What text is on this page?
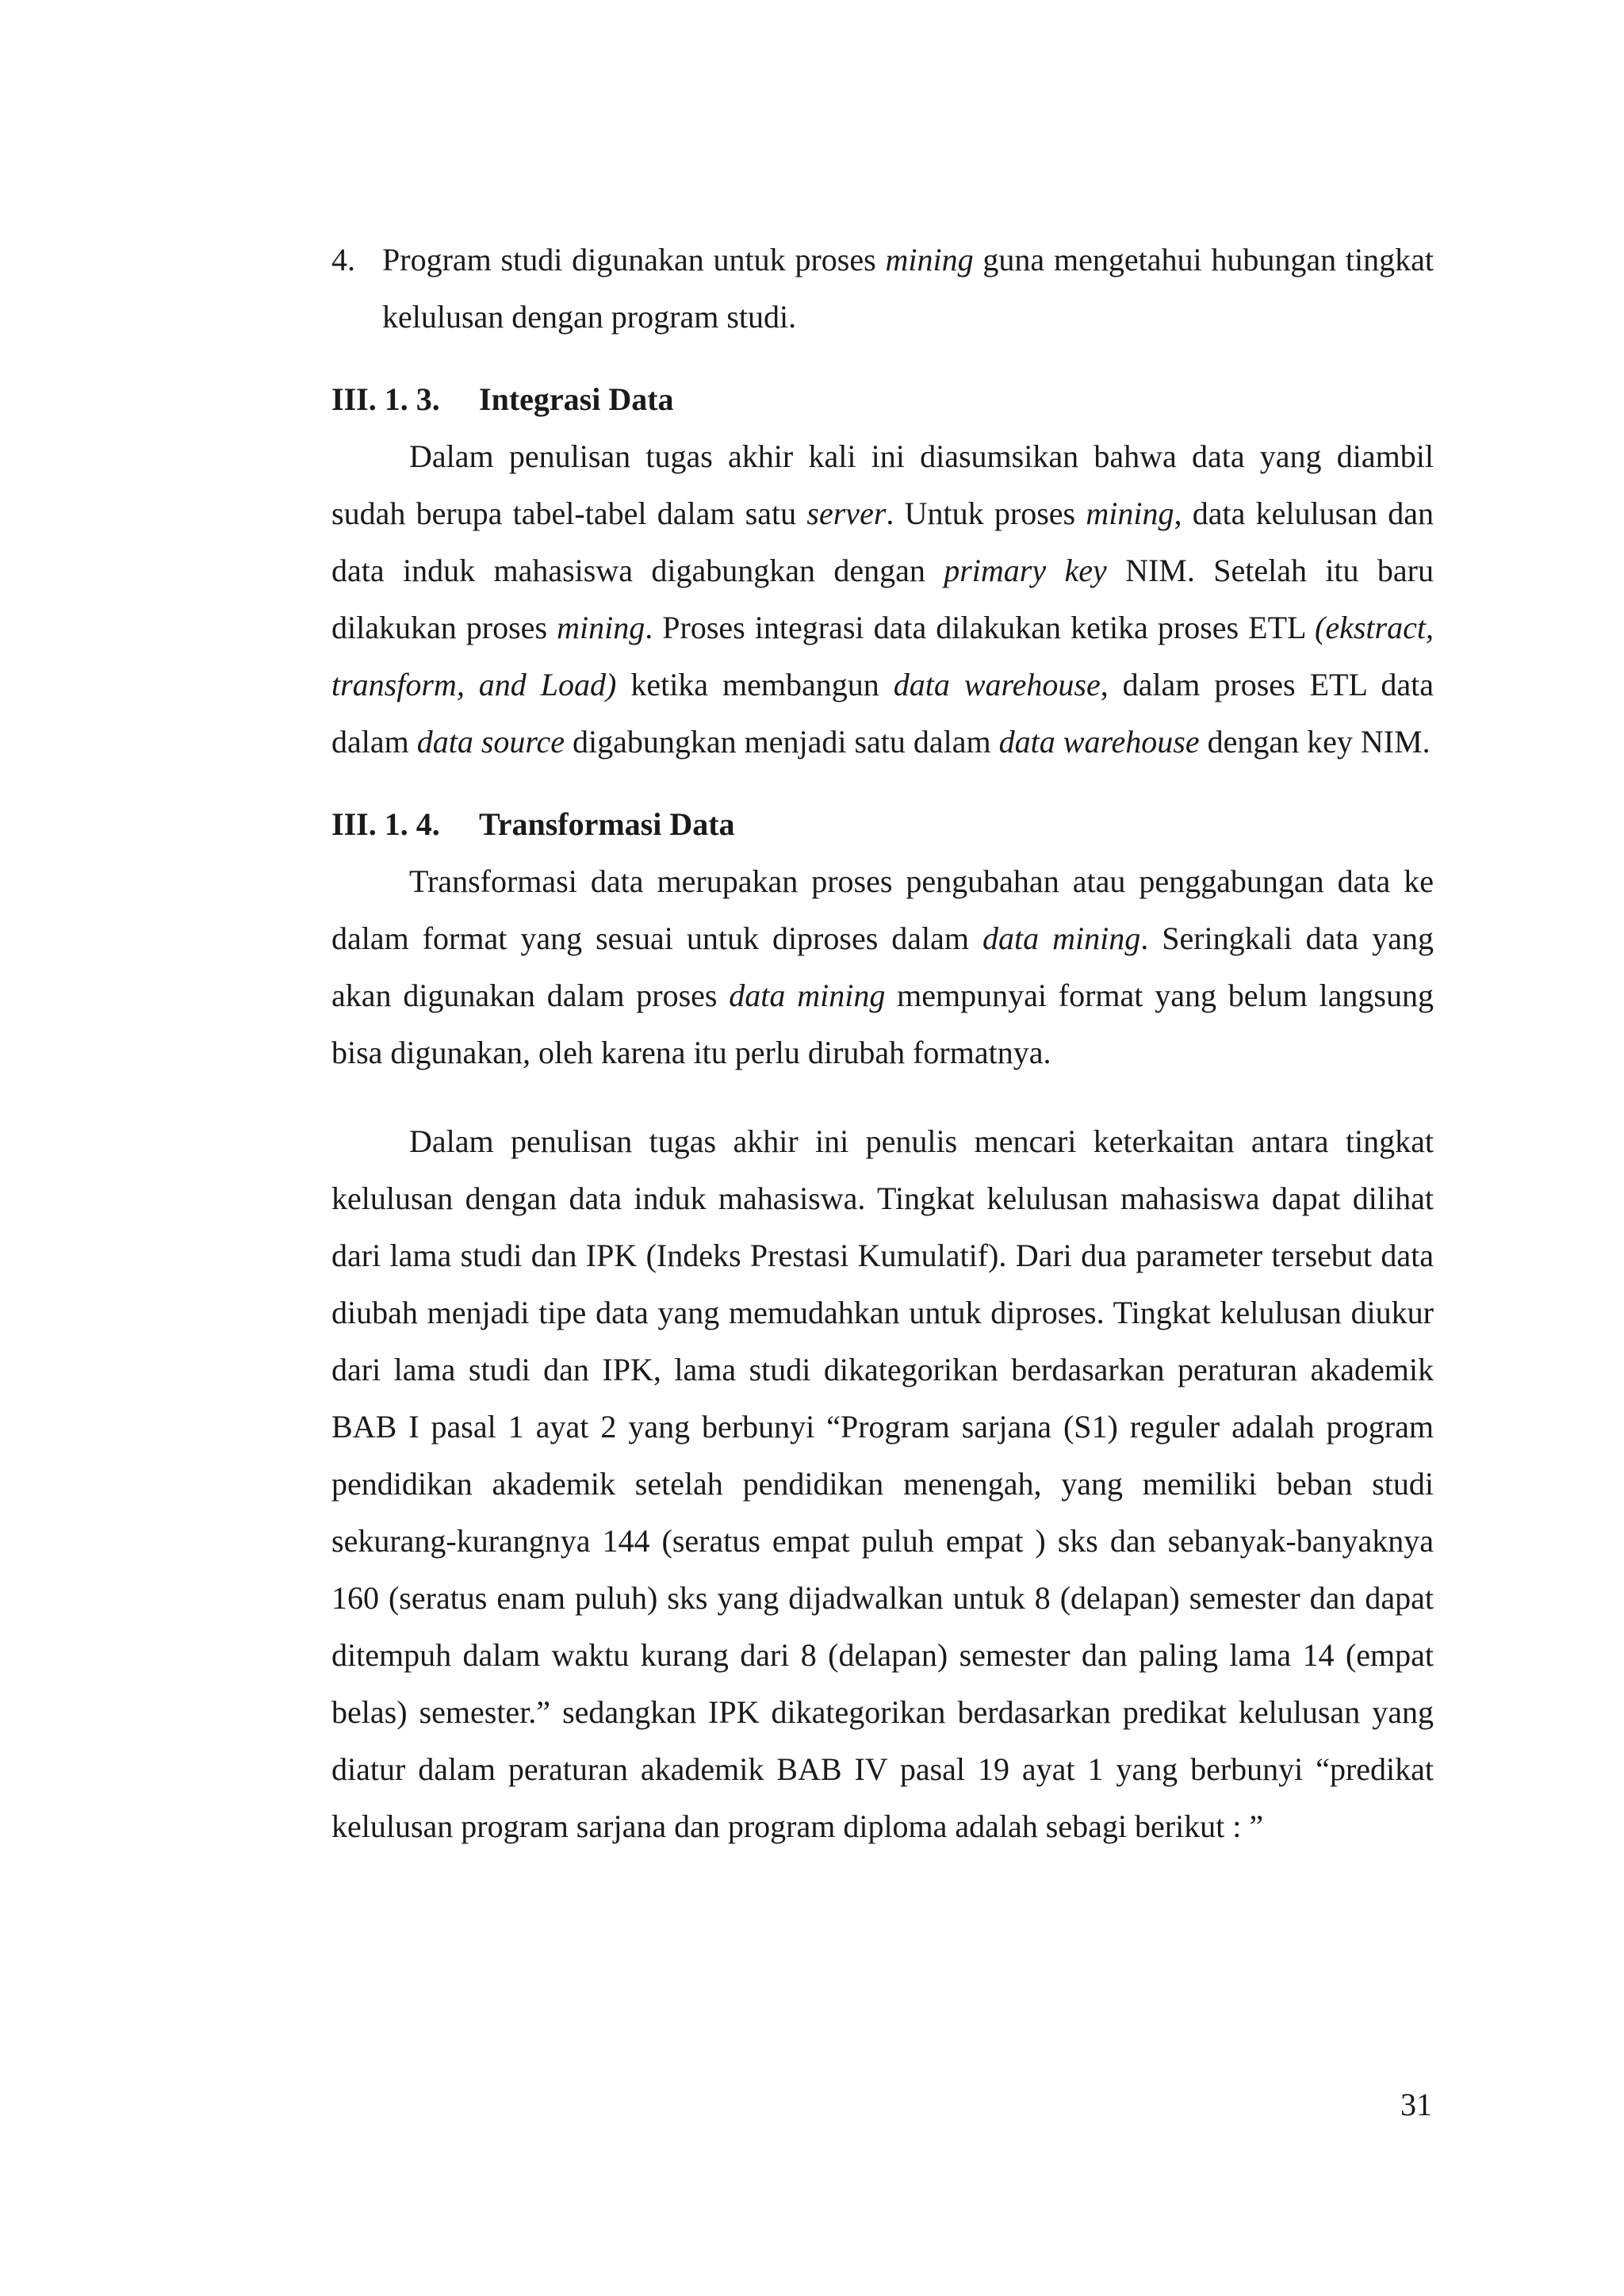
4. Program studi digunakan untuk proses mining guna mengetahui hubungan tingkat kelulusan dengan program studi.
III. 1. 3. Integrasi Data

Dalam penulisan tugas akhir kali ini diasumsikan bahwa data yang diambil sudah berupa tabel-tabel dalam satu server. Untuk proses mining, data kelulusan dan data induk mahasiswa digabungkan dengan primary key NIM. Setelah itu baru dilakukan proses mining. Proses integrasi data dilakukan ketika proses ETL (ekstract, transform, and Load) ketika membangun data warehouse, dalam proses ETL data dalam data source digabungkan menjadi satu dalam data warehouse dengan key NIM.

III. 1. 4. Transformasi Data

Transformasi data merupakan proses pengubahan atau penggabungan data ke dalam format yang sesuai untuk diproses dalam data mining. Seringkali data yang akan digunakan dalam proses data mining mempunyai format yang belum langsung bisa digunakan, oleh karena itu perlu dirubah formatnya.

Dalam penulisan tugas akhir ini penulis mencari keterkaitan antara tingkat kelulusan dengan data induk mahasiswa. Tingkat kelulusan mahasiswa dapat dilihat dari lama studi dan IPK (Indeks Prestasi Kumulatif). Dari dua parameter tersebut data diubah menjadi tipe data yang memudahkan untuk diproses. Tingkat kelulusan diukur dari lama studi dan IPK, lama studi dikategorikan berdasarkan peraturan akademik BAB I pasal 1 ayat 2 yang berbunyi “Program sarjana (S1) reguler adalah program pendidikan akademik setelah pendidikan menengah, yang memiliki beban studi sekurang-kurangnya 144 (seratus empat puluh empat ) sks dan sebanyak-banyaknya 160 (seratus enam puluh) sks yang dijadwalkan untuk 8 (delapan) semester dan dapat ditempuh dalam waktu kurang dari 8 (delapan) semester dan paling lama 14 (empat belas) semester.” sedangkan IPK dikategorikan berdasarkan predikat kelulusan yang diatur dalam peraturan akademik BAB IV pasal 19 ayat 1 yang berbunyi “predikat kelulusan program sarjana dan program diploma adalah sebagi berikut : ”

31
